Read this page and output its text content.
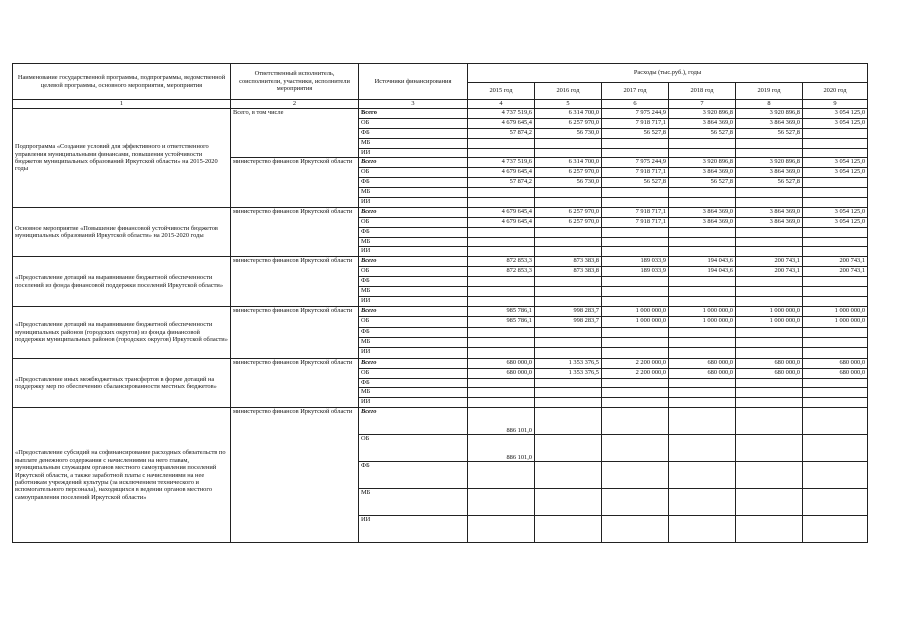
Наименование государственной программы, подпрограммы, ведомственной целевой программы, основного мероприятия, мероприятия	Ответственный исполнитель, соисполнители, участники, исполнители мероприятия	Источники финансирования	Расходы (тыс.руб.), годы					
			2015 год	2016 год	2017 год	2018 год	2019 год	2020 год
1	2	3	4	5	6	7	8	9
Подпрограмма «Создание условий для эффективного и ответственного управления муниципальными финансами, повышения устойчивости бюджетов муниципальных образований Иркутской области» на 2015-2020 годы	Всего, в том числе	Всего	4 737 519,6	6 314 700,0	7 975 244,9	3 920 896,8	3 920 896,8	3 054 125,0
		ОБ	4 679 645,4	6 257 970,0	7 918 717,1	3 864 369,0	3 864 369,0	3 054 125,0
		ФБ	57 874,2	56 730,0	56 527,8	56 527,8	56 527,8	
		МБ						
		ИИ						
	министерство финансов Иркутской области	Всего	4 737 519,6	6 314 700,0	7 975 244,9	3 920 896,8	3 920 896,8	3 054 125,0
		ОБ	4 679 645,4	6 257 970,0	7 918 717,1	3 864 369,0	3 864 369,0	3 054 125,0
		ФБ	57 874,2	56 730,0	56 527,8	56 527,8	56 527,8	
		МБ						
		ИИ						
Основное мероприятие «Повышение финансовой устойчивости бюджетов муниципальных образований Иркутской области» на 2015-2020 годы	министерство финансов Иркутской области	Всего	4 679 645,4	6 257 970,0	7 918 717,1	3 864 369,0	3 864 369,0	3 054 125,0
		ОБ	4 679 645,4	6 257 970,0	7 918 717,1	3 864 369,0	3 864 369,0	3 054 125,0
		ФБ						
		МБ						
		ИИ						
«Предоставление дотаций на выравнивание бюджетной обеспеченности поселений из фонда финансовой поддержки поселений Иркутской области»	министерство финансов Иркутской области	Всего	872 853,3	873 383,8	189 033,9	194 043,6	200 743,1	200 743,1
		ОБ	872 853,3	873 383,8	189 033,9	194 043,6	200 743,1	200 743,1
		ФБ						
		МБ						
		ИИ						
«Предоставление дотаций на выравнивание бюджетной обеспеченности муниципальных районов (городских округов) из фонда финансовой поддержки муниципальных районов (городских округов) Иркутской области»	министерство финансов Иркутской области	Всего	985 786,1	998 283,7	1 000 000,0	1 000 000,0	1 000 000,0	1 000 000,0
		ОБ	985 786,1	998 283,7	1 000 000,0	1 000 000,0	1 000 000,0	1 000 000,0
		ФБ						
		МБ						
		ИИ						
«Предоставление иных межбюджетных трансфертов в форме дотаций на поддержку мер по обеспечению сбалансированности местных бюджетов»	министерство финансов Иркутской области	Всего	680 000,0	1 353 376,5	2 200 000,0	680 000,0	680 000,0	680 000,0
		ОБ	680 000,0	1 353 376,5	2 200 000,0	680 000,0	680 000,0	680 000,0
		ФБ						
		МБ						
		ИИ						
«Предоставление субсидий на софинансирование расходных обязательств по выплате денежного содержания с начислениями на него главам, муниципальным служащим органов местного самоуправления поселений Иркутской области, а также заработной платы с начислениями на нее работникам учреждений культуры (за исключением технического и вспомогательного персонала), находящихся в ведении органов местного самоуправления поселений Иркутской области»	министерство финансов Иркутской области	Всего	886 101,0					
		ОБ	886 101,0					
		ФБ						
		МБ						
		ИИ						
